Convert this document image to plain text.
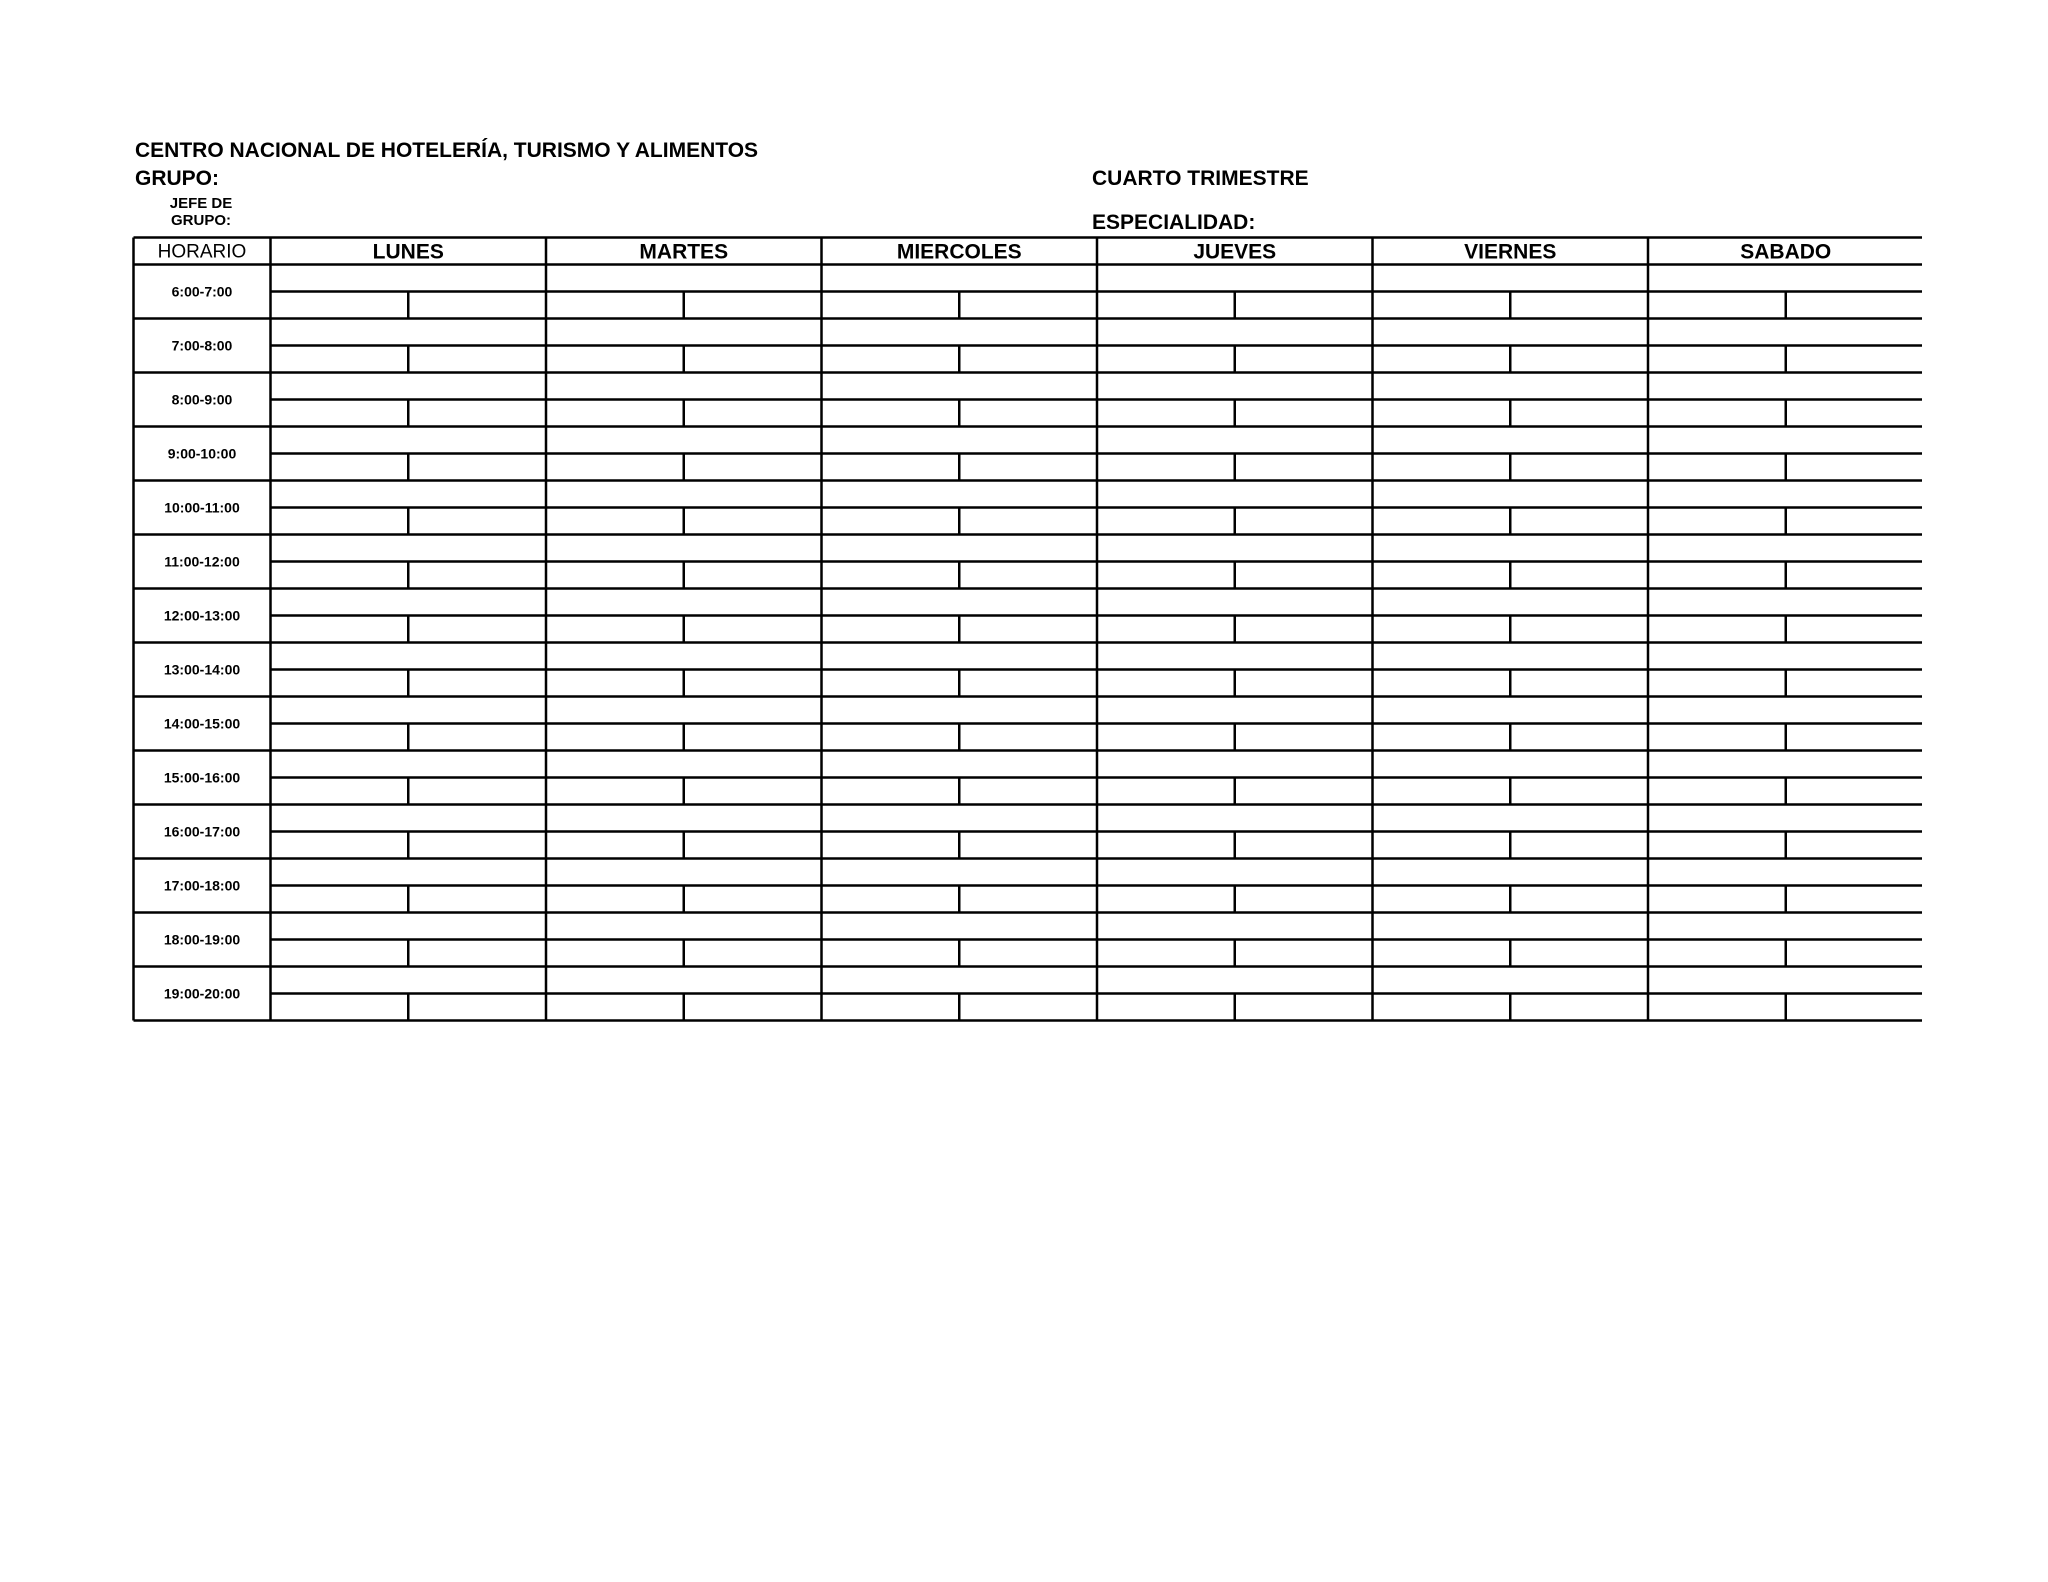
CENTRO NACIONAL DE HOTELERÍA, TURISMO Y ALIMENTOS
GRUPO:	CUARTO TRIMESTRE
JEFE DE
GRUPO:	ESPECIALIDAD:
HORARIO	LUNES	MARTES	MIERCOLES	JUEVES	VIERNES	SABADO
6:00-7:00
7:00-8:00
8:00-9:00
9:00-10:00
10:00-11:00
11:00-12:00
12:00-13:00
13:00-14:00
14:00-15:00
15:00-16:00
16:00-17:00
17:00-18:00
18:00-19:00
19:00-20:00
